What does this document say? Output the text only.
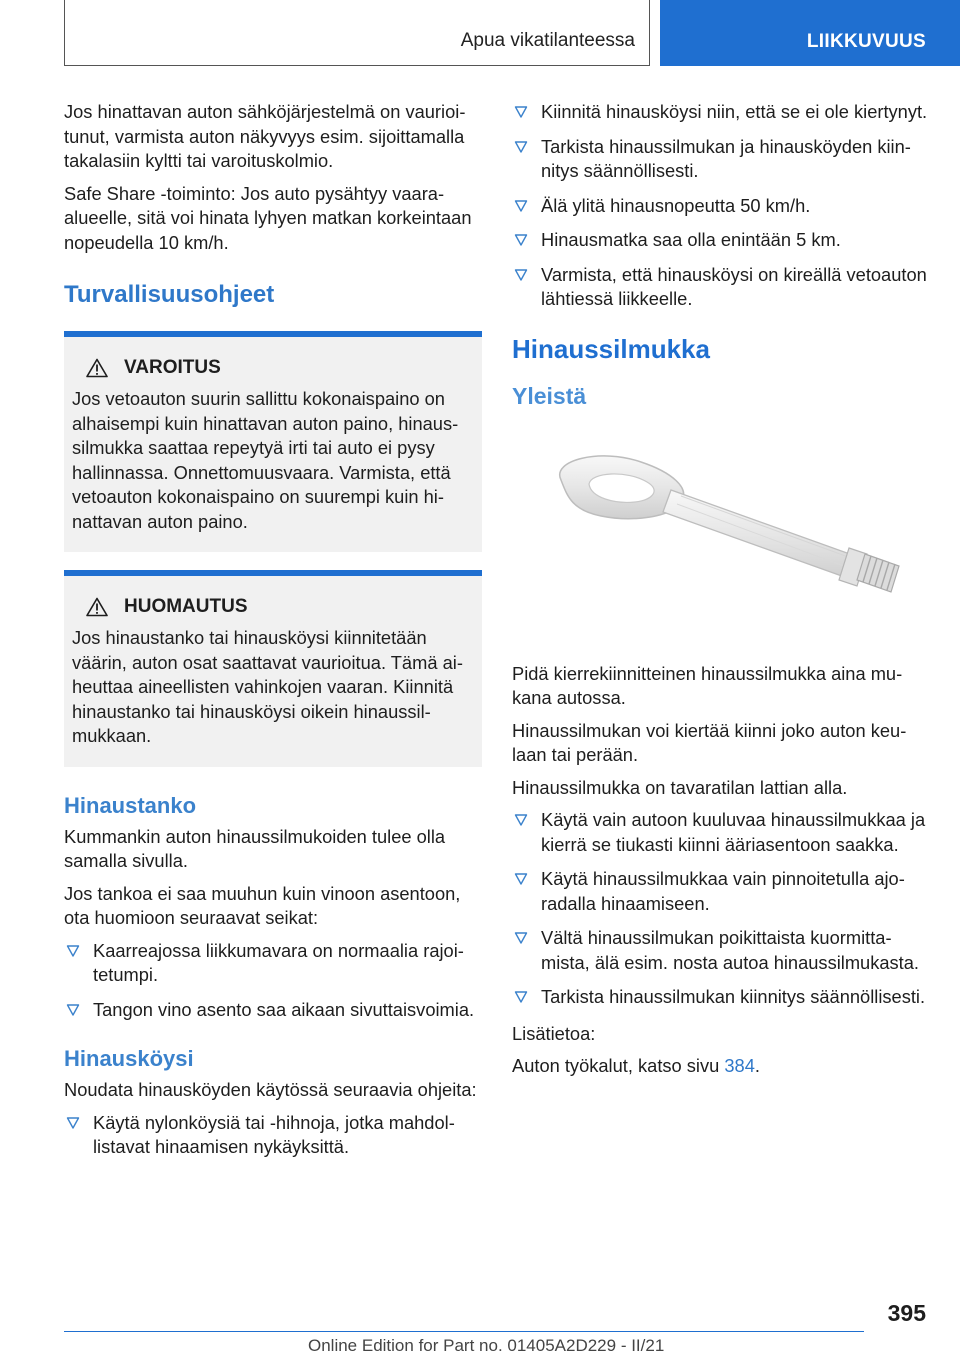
Apua vikatilanteessa	LIIKKUVUUS

Jos hinattavan auton sähköjärjestelmä on vaurioitunut, varmista auton näkyvyys esim. sijoittamalla takalasiin kyltti tai varoituskolmio.

Safe Share -toiminto: Jos auto pysähtyy vaaraalueelle, sitä voi hinata lyhyen matkan korkeintaan nopeudella 10 km/h.

Turvallisuusohjeet
VAROITUS

Jos vetoauton suurin sallittu kokonaispaino on alhaisempi kuin hinattavan auton paino, hinaussilmukka saattaa repeytyä irti tai auto ei pysy hallinnassa. Onnettomuusvaara. Varmista, että vetoauton kokonaispaino on suurempi kuin hinattavan auton paino.

HUOMAUTUS

Jos hinaustanko tai hinausköysi kiinnitetään väärin, auton osat saattavat vaurioitua. Tämä aiheuttaa aineellisten vahinkojen vaaran. Kiinnitä hinaustanko tai hinausköysi oikein hinaussilmukkaan.

Hinaustanko

Kummankin auton hinaussilmukoiden tulee olla samalla sivulla.

Jos tankoa ei saa muuhun kuin vinoon asentoon, ota huomioon seuraavat seikat:

Kaarreajossa liikkumavara on normaalia rajoitetumpi.
Tangon vino asento saa aikaan sivuttaisvoimia.
Hinausköysi

Noudata hinausköyden käytössä seuraavia ohjeita:

Käytä nylonköysiä tai -hihnoja, jotka mahdollistavat hinaamisen nykäyksittä.
Kiinnitä hinausköysi niin, että se ei ole kiertynyt.
Tarkista hinaussilmukan ja hinausköyden kiinnitys säännöllisesti.
Älä ylitä hinausnopeutta 50 km/h.
Hinausmatka saa olla enintään 5 km.
Varmista, että hinausköysi on kireällä vetoauton lähtiessä liikkeelle.
Hinaussilmukka
Yleistä

Pidä kierrekiinnitteinen hinaussilmukka aina mukana autossa.

Hinaussilmukan voi kiertää kiinni joko auton keulaan tai perään.

Hinaussilmukka on tavaratilan lattian alla.

Käytä vain autoon kuuluvaa hinaussilmukkaa ja kierrä se tiukasti kiinni ääriasentoon saakka.
Käytä hinaussilmukkaa vain pinnoitetulla ajoradalla hinaamiseen.
Vältä hinaussilmukan poikittaista kuormittamista, älä esim. nosta autoa hinaussilmukasta.
Tarkista hinaussilmukan kiinnitys säännöllisesti.

Lisätietoa:

Auton työkalut, katso sivu 384.

395
Online Edition for Part no. 01405A2D229 - II/21
